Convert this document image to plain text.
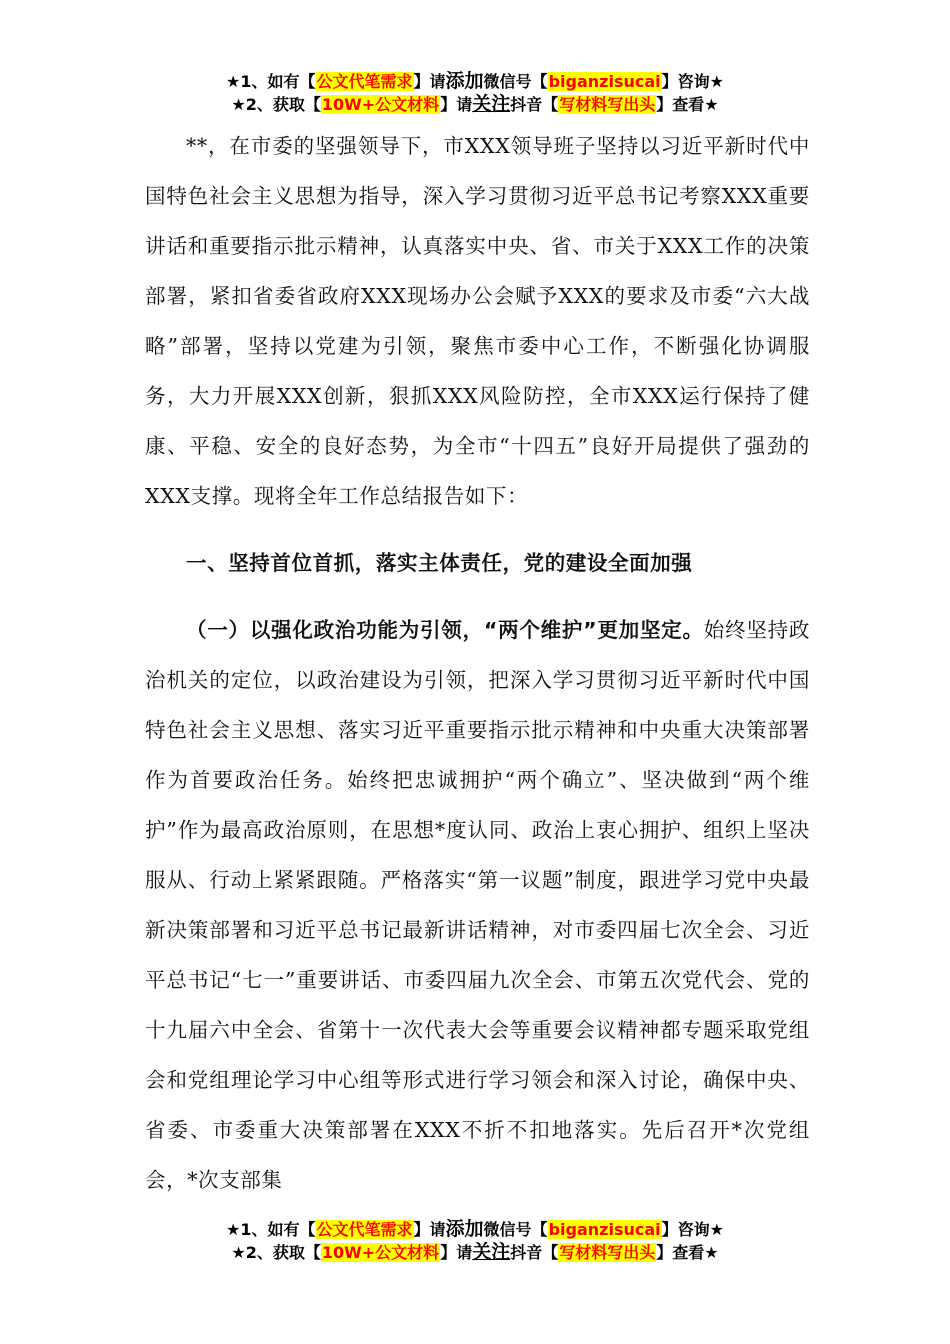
★1、如有【公文代笔需求】请添加微信号【biganzisucai】咨询★
★2、获取【10W+公文材料】请关注抖音【写材料写出头】查看★

**，在市委的坚强领导下，市XXX领导班子坚持以习近平新时代中国特色社会主义思想为指导，深入学习贯彻习近平总书记考察XXX重要讲话和重要指示批示精神，认真落实中央、省、市关于XXX工作的决策部署，紧扣省委省政府XXX现场办公会赋予XXX的要求及市委“六大战略”部署，坚持以党建为引领，聚焦市委中心工作，不断强化协调服务，大力开展XXX创新，狠抓XXX风险防控，全市XXX运行保持了健康、平稳、安全的良好态势，为全市“十四五”良好开局提供了强劲的XXX支撑。现将全年工作总结报告如下：

一、坚持首位首抓，落实主体责任，党的建设全面加强

（一）以强化政治功能为引领，“两个维护”更加坚定。始终坚持政治机关的定位，以政治建设为引领，把深入学习贯彻习近平新时代中国特色社会主义思想、落实习近平重要指示批示精神和中央重大决策部署作为首要政治任务。始终把忠诚拥护“两个确立”、坚决做到“两个维护”作为最高政治原则，在思想*度认同、政治上衷心拥护、组织上坚决服从、行动上紧紧跟随。严格落实“第一议题”制度，跟进学习党中央最新决策部署和习近平总书记最新讲话精神，对市委四届七次全会、习近平总书记“七一”重要讲话、市委四届九次全会、市第五次党代会、党的十九届六中全会、省第十一次代表大会等重要会议精神都专题采取党组会和党组理论学习中心组等形式进行学习领会和深入讨论，确保中央、省委、市委重大决策部署在XXX不折不扣地落实。先后召开*次党组会，*次支部集

★1、如有【公文代笔需求】请添加微信号【biganzisucai】咨询★
★2、获取【10W+公文材料】请关注抖音【写材料写出头】查看★
